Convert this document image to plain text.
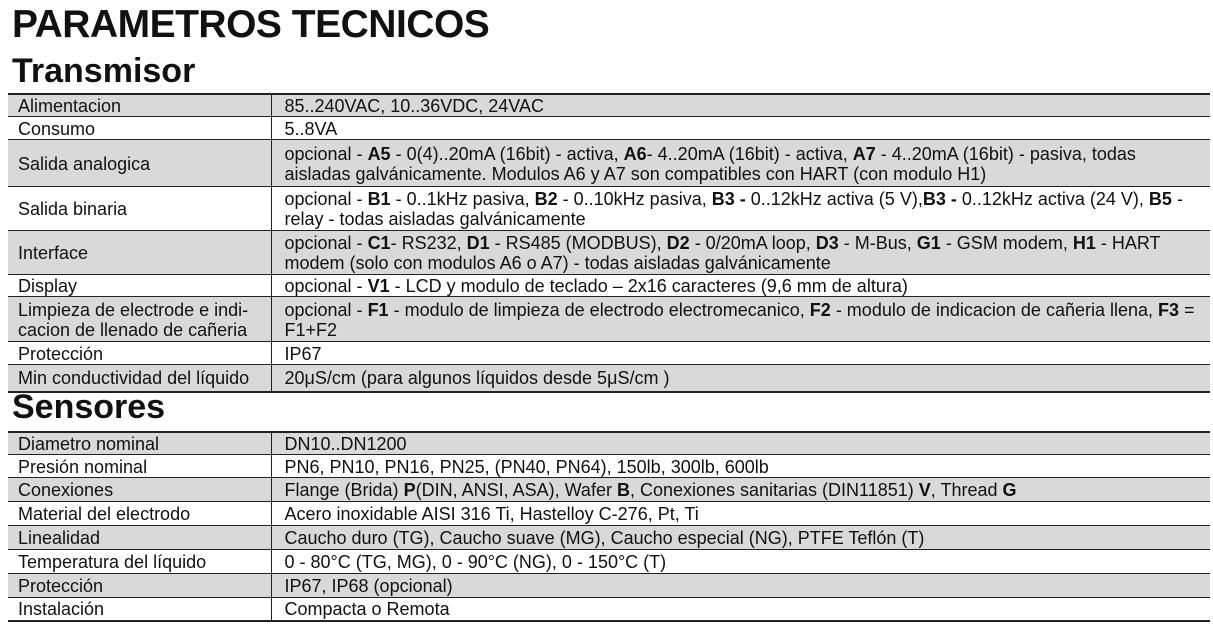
PARAMETROS TECNICOS
Transmisor
Alimentacion	85..240VAC, 10..36VDC, 24VAC
Consumo	5..8VA
Salida analogica	opcional - A5 - 0(4)..20mA (16bit) - activa, A6- 4..20mA (16bit) - activa, A7 - 4..20mA (16bit) - pasiva, todas aisladas galvánicamente. Modulos A6 y A7 son compatibles con HART (con modulo H1)
Salida binaria	opcional - B1 - 0..1kHz pasiva, B2 - 0..10kHz pasiva, B3 - 0..12kHz activa (5 V),B3 - 0..12kHz activa (24 V), B5 - relay - todas aisladas galvánicamente
Interface	opcional - C1- RS232, D1 - RS485 (MODBUS), D2 - 0/20mA loop, D3 - M-Bus, G1 - GSM modem, H1 - HART modem (solo con modulos A6 o A7) - todas aisladas galvánicamente
Display	opcional - V1 - LCD y modulo de teclado – 2x16 caracteres (9,6 mm de altura)
Limpieza de electrode e indi-cacion de llenado de cañeria	opcional - F1 - modulo de limpieza de electrodo electromecanico, F2 - modulo de indicacion de cañeria llena, F3 = F1+F2
Protección	IP67
Min conductividad del líquido	20μS/cm (para algunos líquidos desde 5μS/cm )
Sensores
Diametro nominal	DN10..DN1200
Presión nominal	PN6, PN10, PN16, PN25, (PN40, PN64), 150lb, 300lb, 600lb
Conexiones	Flange (Brida) P(DIN, ANSI, ASA), Wafer B, Conexiones sanitarias (DIN11851) V, Thread G
Material del electrodo	Acero inoxidable AISI 316 Ti, Hastelloy C-276, Pt, Ti
Linealidad	Caucho duro (TG), Caucho suave (MG), Caucho especial (NG), PTFE Teflón (T)
Temperatura del líquido	0 - 80°C (TG, MG), 0 - 90°C (NG), 0 - 150°C (T)
Protección	IP67, IP68 (opcional)
Instalación	Compacta o Remota
